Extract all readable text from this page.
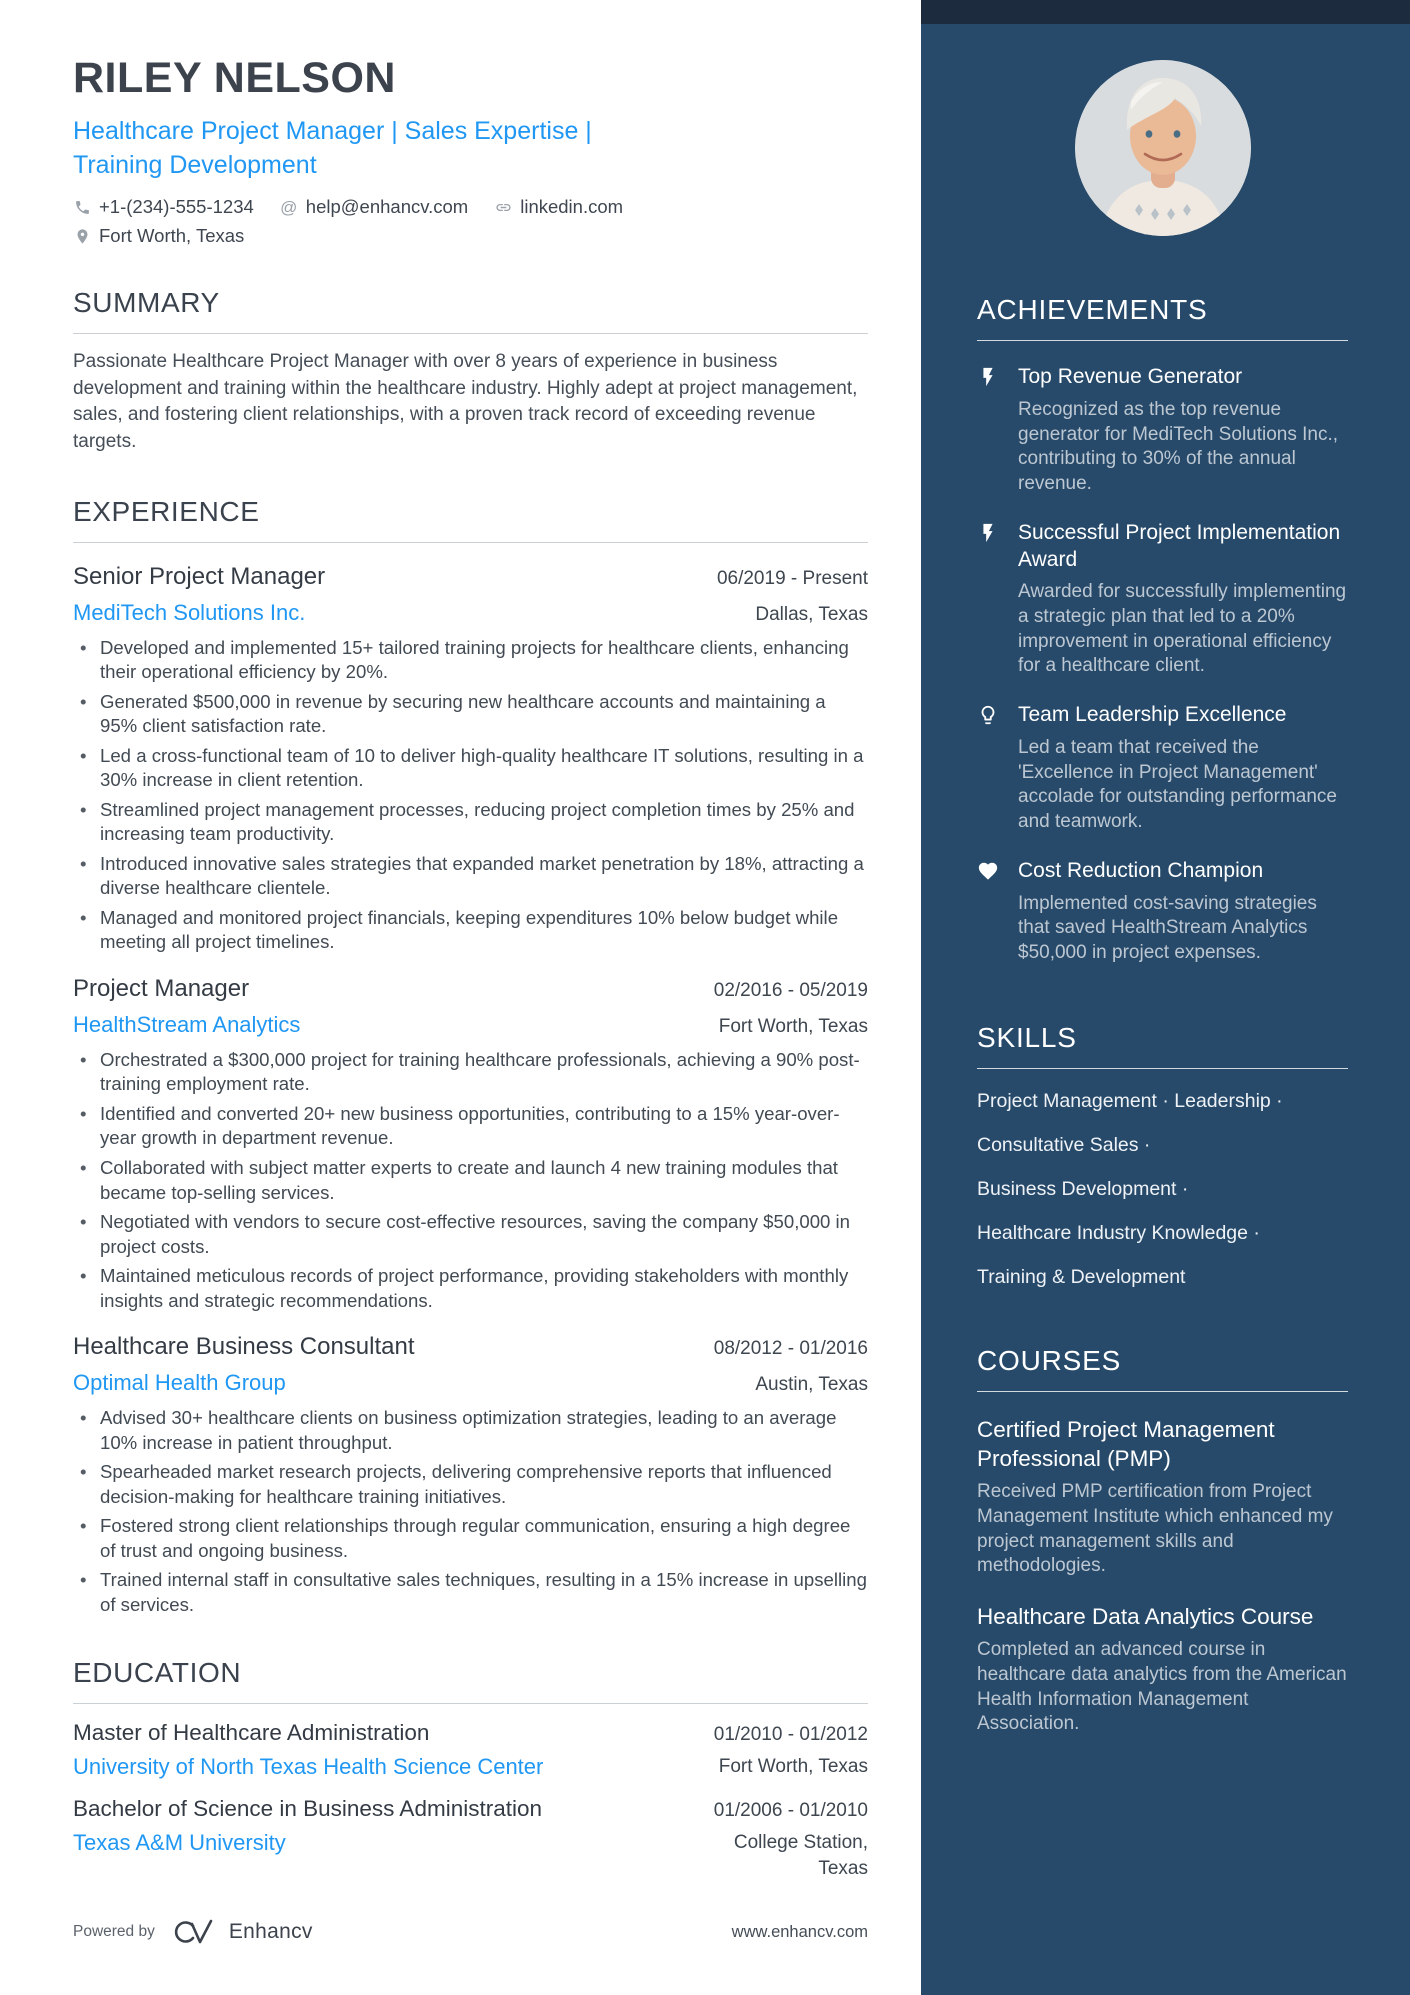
RILEY NELSON
Healthcare Project Manager | Sales Expertise |
Training Development
+1-(234)-555-1234 @ help@enhancv.com	linkedin.com
Fort Worth, Texas
SUMMARY

Passionate Healthcare Project Manager with over 8 years of experience in business development and training within the healthcare industry. Highly adept at project management, sales, and fostering client relationships, with a proven track record of exceeding revenue targets.

EXPERIENCE
Senior Project Manager	06/2019 - Present
MediTech Solutions Inc.	Dallas, Texas
• Developed and implemented 15+ tailored training projects for healthcare clients, enhancing their operational efficiency by 20%.
• Generated $500,000 in revenue by securing new healthcare accounts and maintaining a 95% client satisfaction rate.
• Led a cross-functional team of 10 to deliver high-quality healthcare IT solutions, resulting in a 30% increase in client retention.
• Streamlined project management processes, reducing project completion times by 25% and increasing team productivity.
• Introduced innovative sales strategies that expanded market penetration by 18%, attracting a diverse healthcare clientele.
• Managed and monitored project financials, keeping expenditures 10% below budget while meeting all project timelines.
Project Manager	02/2016 - 05/2019
HealthStream Analytics	Fort Worth, Texas
• Orchestrated a $300,000 project for training healthcare professionals, achieving a 90% post-training employment rate.
• Identified and converted 20+ new business opportunities, contributing to a 15% year-over-year growth in department revenue.
• Collaborated with subject matter experts to create and launch 4 new training modules that became top-selling services.
• Negotiated with vendors to secure cost-effective resources, saving the company $50,000 in project costs.
• Maintained meticulous records of project performance, providing stakeholders with monthly insights and strategic recommendations.
Healthcare Business Consultant	08/2012 - 01/2016
Optimal Health Group	Austin, Texas
• Advised 30+ healthcare clients on business optimization strategies, leading to an average 10% increase in patient throughput.
• Spearheaded market research projects, delivering comprehensive reports that influenced decision-making for healthcare training initiatives.
• Fostered strong client relationships through regular communication, ensuring a high degree of trust and ongoing business.
• Trained internal staff in consultative sales techniques, resulting in a 15% increase in upselling of services.
EDUCATION
Master of Healthcare Administration	01/2010 - 01/2012
University of North Texas Health Science Center	Fort Worth, Texas
Bachelor of Science in Business Administration	01/2006 - 01/2010
Texas A&M University	College Station, Texas
Powered by	Enhancv	www.enhancv.com
ACHIEVEMENTS
Top Revenue Generator

Recognized as the top revenue generator for MediTech Solutions Inc., contributing to 30% of the annual revenue.

Successful Project Implementation Award

Awarded for successfully implementing a strategic plan that led to a 20% improvement in operational efficiency for a healthcare client.

Team Leadership Excellence

Led a team that received the 'Excellence in Project Management' accolade for outstanding performance and teamwork.

Cost Reduction Champion

Implemented cost-saving strategies that saved HealthStream Analytics $50,000 in project expenses.

SKILLS
Project Management · Leadership ·
Consultative Sales ·
Business Development ·
Healthcare Industry Knowledge ·
Training & Development
COURSES
Certified Project Management Professional (PMP)

Received PMP certification from Project Management Institute which enhanced my project management skills and methodologies.

Healthcare Data Analytics Course

Completed an advanced course in healthcare data analytics from the American Health Information Management Association.
